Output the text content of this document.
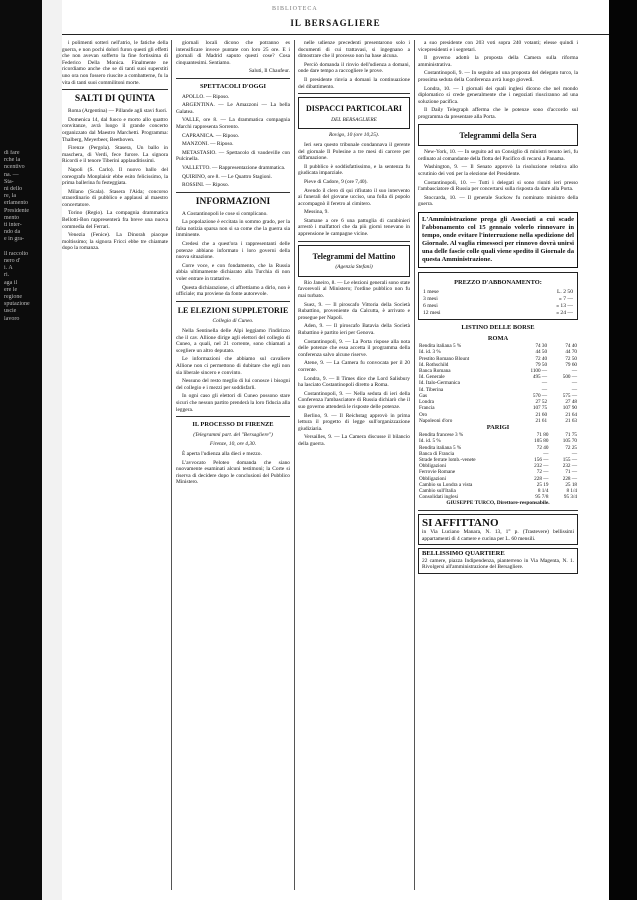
di fare
rche la
ncentivo
na. —
Sta-
ni dello
re, la
erlamento
Presidente
mento
ti inter-
ndo da
e in gra-

ll raccolto
nero d'
i. A
ri.
aga il
ere le
regione
sputazione
uscie
lavoro
BIBLIOTECA
IL BERSAGLIERE

i polimenti sotteri nell'atrio, le fatiche della guerra, e non pochi dolori furon questi gli effetti che non avevan sofferto la fine fortissima di Federico Della Monica. Finalmente ne ricordiamo anche che se di tanti suoi superstiti uno ora non fossero riuscite a combatterne, fu la vita di tanti suoi commilitoni morte.

SALTI DI QUINTA

Roma (Argentina) — Pillande agli stavi fuori.

Domenica 14, dal fuoco e morto allo quattro convitanze, avrà luogo il grande concerto organizzato dal Maestro Marchetti. Programma: Thalberg, Meyerbeer, Beethoven.

Firenze (Pergola). Stasera, Un ballo in maschera, di Verdi, fece furore. La signora Ricordi e il tenore Tiberini applauditissimi.

Napoli (S. Carlo). Il nuovo ballo del coreografo Monplaisir ebbe esito felicissimo, la prima ballerina fu festeggiata.

Milano (Scala). Stasera l'Aida; concorso straordinario di pubblico e applausi al maestro concertatore.

Torino (Regio). La compagnia drammatica Bellotti-Bon rappresenterà fra breve una nuova commedia del Ferrari.

Venezia (Fenice). La Dinorah piacque moltissimo; la signora Fricci ebbe tre chiamate dopo la romanza.

giornali locali dicono che potranno es intensificare invece puntate con loro 25 ore. E i giornali di Madrid saputo questi cose? Cosa cinquantesimi. Sentiamo.

Saluti, Il Chaufeur.

SPETTACOLI D'OGGI

APOLLO. — Riposo.

ARGENTINA. — Le Amazzoni — La bella Galatea.

VALLE, ore 8. — La drammatica compagnia Marchi rappresenta Sorrento.

CAPRANICA. — Riposo.

MANZONI. — Riposo.

METASTASIO. — Spettacolo di vaudeville con Pulcinella.

VALLETTO. — Rappresentazione drammatica.

QUIRINO, ore 8. — Le Quattro Stagioni.

ROSSINI. — Riposo.

INFORMAZIONI

A Costantinopoli le cose si complicano.

La popolazione è eccitata in sommo grado, per la falsa notizia sparsa non si sa come che la guerra sia imminente.

Credesi che a quest'ora i rappresentanti delle potenze abbiano informato i loro governi della nuova situazione.

Corre voce, e con fondamento, che la Russia abbia ultimamente dichiarato alla Turchia di non voler entrare in trattative.

Questa dichiarazione, ci affrettiamo a dirlo, non è ufficiale; ma proviene da fonte autorevole.

LE ELEZIONI SUPPLETORIE
Collegio di Cuneo.

Nella Sentinella delle Alpi leggiamo l'indirizzo che il cav. Allione dirige agli elettori del collegio di Cuneo, a quali, nel 21 corrente, sono chiamati a scegliere un altro deputato.

Le informazioni che abbiamo sul cavaliere Allione non ci permettono di dubitare che egli non sia liberale sincero e convinto.

Nessuno del resto meglio di lui conosce i bisogni del collegio e i mezzi per soddisfarli.

In ogni caso gli elettori di Cuneo possono stare sicuri che nessun partito prenderà la loro fiducia alla leggera.

IL PROCESSO DI FIRENZE
(Telegrammi part. del "Bersagliere")
Firenze, 10, ore 4,30.

È aperta l'udienza alla dieci e mezzo.

L'avvocato Peloteo domanda che siano nuovamente esaminati alcuni testimoni; la Corte si riserva di decidere dopo le conclusioni del Pubblico Ministero.

nelle udienze precedenti presentarono solo i documenti di cui trattavasi, si ingegnano a dimostrare che il processo non ha base alcuna.

Perciò domanda il rinvio dell'udienza a domani, onde dare tempo a raccogliere le prove.

Il presidente rinvia a domani la continuazione del dibattimento.

DISPACCI PARTICOLARI
DEL BERSAGLIERE
Rovigo, 10 (ore 10,25).

Ieri sera questo tribunale condannava il gerente del giornale Il Polesine a tre mesi di carcere per diffamazione.

Il pubblico è soddisfattissimo, e la sentenza fu giudicata imparziale.

Pieve di Cadore, 9 (ore 7,40).

Avendo il clero di qui rifiutato il suo intervento ai funerali del giovane ucciso, una folla di popolo accompagnò il feretro al cimitero.

Messina, 9.

Stamane a ore 6 una pattuglia di carabinieri arrestò i malfattori che da più giorni tenevano in apprensione le campagne vicine.

Telegrammi del Mattino
(Agenzia Stefani)

Rio Janeiro, 8. — Le elezioni generali sono state favorevoli al Ministero; l'ordine pubblico non fu mai turbato.

Suez, 9. — Il piroscafo Vittoria della Società Rubattino, proveniente da Calcutta, è arrivato e prosegue per Napoli.

Aden, 9. — Il piroscafo Batavia della Società Rubattino è partito ieri per Genova.

Costantinopoli, 9. — La Porta rispose alla nota delle potenze che essa accetta il programma della conferenza salvo alcune riserve.

Atene, 9. — La Camera fu convocata per il 20 corrente.

Londra, 9. — Il Times dice che Lord Salisbury ha lasciato Costantinopoli diretto a Roma.

Costantinopoli, 9. — Nella seduta di ieri della Conferenza l'ambasciatore di Russia dichiarò che il suo governo attenderà le risposte delle potenze.

Berlino, 9. — Il Reichstag approvò in prima lettura il progetto di legge sull'organizzazione giudiziaria.

Versailles, 9. — La Camera discusse il bilancio della guerra.

a suo presidente con 203 voti sopra 240 votanti; elesse quindi i vicepresidenti e i segretari.

Il governo adottò la proposta della Camera sulla riforma amministrativa.

Costantinopoli, 9. — In seguito ad una proposta del delegato turco, la prossima seduta della Conferenza avrà luogo giovedì.

Londra, 10. — I giornali dei quali inglesi dicono che nel mondo diplomatico si crede generalmente che i negoziati riusciranno ad una soluzione pacifica.

Il Daily Telegraph afferma che le potenze sono d'accordo sul programma da presentare alla Porta.

Telegrammi della Sera

New-York, 10. — In seguito ad un Consiglio di ministri tenuto ieri, fu ordinato al comandante della flotta del Pacifico di recarsi a Panama.

Washington, 9. — Il Senato approvò la risoluzione relativa allo scrutinio dei voti per la elezione del Presidente.

Costantinopoli, 10. — Tutti i delegati si sono riuniti ieri presso l'ambasciatore di Russia per concertarsi sulla risposta da dare alla Porta.

Stoccarda, 10. — Il generale Suckow fu nominato ministro della guerra.

L'Amministrazione prega gli Associati a cui scade l'abbonamento col 15 gennaio volerlo rinnovare in tempo, onde evitare l'interruzione nella spedizione del Giornale. Al vaglia rimessoci per rinnovo dovrà unirsi una delle fascie colle quali viene spedito il Giornale da questa Amministrazione.
PREZZO D'ABBONAMENTO:
1 mese	L. 2 50
3 mesi	» 7 —
6 mesi	» 13 —
12 mesi	» 24 —
LISTINO DELLE BORSE
ROMA		
Rendita italiana 5 %	74 30	74 40
Id. id. 3 %	44 50	44 70
Prestito Romano Blount	72 40	72 50
Id. Rothschild	79 50	79 60
Banca Romana	1100 —	—
Id. Generale	495 —	500 —
Id. Italo-Germanica	—	—
Id. Tiberina	—	—
Gas	570 —	575 —
Londra	27 52	27 48
Francia	107 75	107 90
Oro	21 60	21 64
Napoleoni d'oro	21 61	21 63
PARIGI		
Rendita francese 3 %	71 80	71 75
Id. id. 5 %	105 80	105 70
Rendita italiana 5 %	72 40	72 25
Banca di Francia	—	—
Strade ferrate lomb.-venete	156 —	155 —
Obbligazioni	232 —	232 —
Ferrovie Romane	72 —	71 —
Obbligazioni	228 —	228 —
Cambio su Londra a vista	25 19	25 18
Cambio sull'Italia	8 1/4	8 1/4
Consolidati inglesi	95 7/8	95 3/4
GIUSEPPE TURCO, Direttore-responsabile.
SI AFFITTANO
in Via Luciano Manara, N. 13, 1° p. (Trastevere) bellissimi appartamenti di 4 camere e cucina per L. 60 mensili.
BELLISSIMO QUARTIERE
22 camere, piazza Indipendenza, pianterreno in Via Magenta, N. 1. Rivolgersi all'amministrazione del Bersagliere.
